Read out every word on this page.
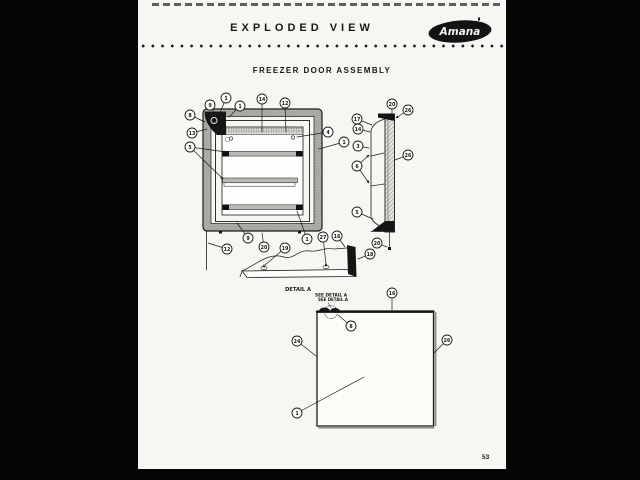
EXPLODED VIEW	Amana
FREEZER DOOR ASSEMBLY
1
9
8
13
1
14
12
4
1
5
9
20
1
12
17
14
3
6
5
20
26
26
20
19
27 16
18
DETAIL A
SEE DETAIL A
SEE DETAIL A
16
8
24	26
1
53
